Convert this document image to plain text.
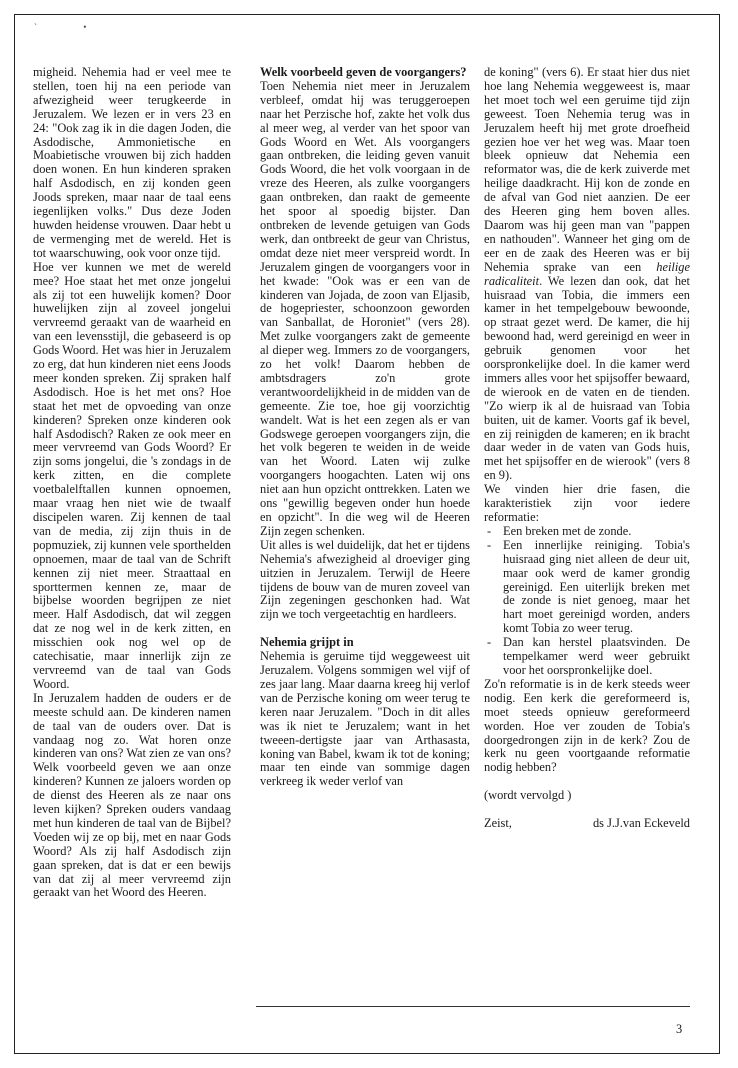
` •

migheid. Nehemia had er veel mee te stellen, toen hij na een periode van afwezigheid weer terugkeerde in Jeruzalem. We lezen er in vers 23 en 24: "Ook zag ik in die dagen Joden, die Asdodische, Ammonietische en Moabietische vrouwen bij zich hadden doen wonen. En hun kinderen spraken half Asdodisch, en zij konden geen Joods spreken, maar naar de taal eens iegenlijken volks." Dus deze Joden huwden heidense vrouwen. Daar hebt u de vermenging met de wereld. Het is tot waarschuwing, ook voor onze tijd.

Hoe ver kunnen we met de wereld mee? Hoe staat het met onze jongelui als zij tot een huwelijk komen? Door huwelijken zijn al zoveel jongelui vervreemd geraakt van de waarheid en van een levensstijl, die gebaseerd is op Gods Woord. Het was hier in Jeruzalem zo erg, dat hun kinderen niet eens Joods meer konden spreken. Zij spraken half Asdodisch. Hoe is het met ons? Hoe staat het met de opvoeding van onze kinderen? Spreken onze kinderen ook half Asdodisch? Raken ze ook meer en meer vervreemd van Gods Woord? Er zijn soms jongelui, die 's zondags in de kerk zitten, en die complete voetbalelftallen kunnen opnoemen, maar vraag hen niet wie de twaalf discipelen waren. Zij kennen de taal van de media, zij zijn thuis in de popmuziek, zij kunnen vele sporthelden opnoemen, maar de taal van de Schrift kennen zij niet meer. Straattaal en sporttermen kennen ze, maar de bijbelse woorden begrijpen ze niet meer. Half Asdodisch, dat wil zeggen dat ze nog wel in de kerk zitten, en misschien ook nog wel op de catechisatie, maar innerlijk zijn ze vervreemd van de taal van Gods Woord.

In Jeruzalem hadden de ouders er de meeste schuld aan. De kinderen namen de taal van de ouders over. Dat is vandaag nog zo. Wat horen onze kinderen van ons? Wat zien ze van ons? Welk voorbeeld geven we aan onze kinderen? Kunnen ze jaloers worden op de dienst des Heeren als ze naar ons leven kijken? Spreken ouders vandaag met hun kinderen de taal van de Bijbel? Voeden wij ze op bij, met en naar Gods Woord? Als zij half Asdodisch zijn gaan spreken, dat is dat er een bewijs van dat zij al meer vervreemd zijn geraakt van het Woord des Heeren.

Welk voorbeeld geven de voorgangers?

Toen Nehemia niet meer in Jeruzalem verbleef, omdat hij was teruggeroepen naar het Perzische hof, zakte het volk dus al meer weg, al verder van het spoor van Gods Woord en Wet. Als voorgangers gaan ontbreken, die leiding geven vanuit Gods Woord, die het volk voorgaan in de vreze des Heeren, als zulke voorgangers gaan ontbreken, dan raakt de gemeente het spoor al spoedig bijster. Dan ontbreken de levende getuigen van Gods werk, dan ontbreekt de geur van Christus, omdat deze niet meer verspreid wordt. In Jeruzalem gingen de voorgangers voor in het kwade: "Ook was er een van de kinderen van Jojada, de zoon van Eljasib, de hogepriester, schoonzoon geworden van Sanballat, de Horoniet" (vers 28). Met zulke voorgangers zakt de gemeente al dieper weg. Immers zo de voorgangers, zo het volk! Daarom hebben de ambtsdragers zo'n grote verantwoordelijkheid in de midden van de gemeente. Zie toe, hoe gij voorzichtig wandelt. Wat is het een zegen als er van Godswege geroepen voorgangers zijn, die het volk begeren te weiden in de weide van het Woord. Laten wij zulke voorgangers hoogachten. Laten wij ons niet aan hun opzicht onttrekken. Laten we ons "gewillig begeven onder hun hoede en opzicht". In die weg wil de Heeren Zijn zegen schenken.

Uit alles is wel duidelijk, dat het er tijdens Nehemia's afwezigheid al droeviger ging uitzien in Jeruzalem. Terwijl de Heere tijdens de bouw van de muren zoveel van Zijn zegeningen geschonken had. Wat zijn we toch vergeetachtig en hardleers.

Nehemia grijpt in

Nehemia is geruime tijd weggeweest uit Jeruzalem. Volgens sommigen wel vijf of zes jaar lang. Maar daarna kreeg hij verlof van de Perzische koning om weer terug te keren naar Jeruzalem. "Doch in dit alles was ik niet te Jeruzalem; want in het tweeen-dertigste jaar van Arthasasta, koning van Babel, kwam ik tot de koning; maar ten einde van sommige dagen verkreeg ik weder verlof van

de koning" (vers 6). Er staat hier dus niet hoe lang Nehemia weggeweest is, maar het moet toch wel een geruime tijd zijn geweest. Toen Nehemia terug was in Jeruzalem heeft hij met grote droefheid gezien hoe ver het weg was. Maar toen bleek opnieuw dat Nehemia een reformator was, die de kerk zuiverde met heilige daadkracht. Hij kon de zonde en de afval van God niet aanzien. De eer des Heeren ging hem boven alles. Daarom was hij geen man van "pappen en nathouden". Wanneer het ging om de eer en de zaak des Heeren was er bij Nehemia sprake van een heilige radicaliteit. We lezen dan ook, dat het huisraad van Tobia, die immers een kamer in het tempelgebouw bewoonde, op straat gezet werd. De kamer, die hij bewoond had, werd gereinigd en weer in gebruik genomen voor het oorspronkelijke doel. In die kamer werd immers alles voor het spijsoffer bewaard, de wierook en de vaten en de tienden. "Zo wierp ik al de huisraad van Tobia buiten, uit de kamer. Voorts gaf ik bevel, en zij reinigden de kameren; en ik bracht daar weder in de vaten van Gods huis, met het spijsoffer en de wierook" (vers 8 en 9).

We vinden hier drie fasen, die karakteristiek zijn voor iedere reformatie:

- Een breken met de zonde.
- Een innerlijke reiniging. Tobia's huisraad ging niet alleen de deur uit, maar ook werd de kamer grondig gereinigd. Een uiterlijk breken met de zonde is niet genoeg, maar het hart moet gereinigd worden, anders komt Tobia zo weer terug.
- Dan kan herstel plaatsvinden. De tempelkamer werd weer gebruikt voor het oorspronkelijke doel.

Zo'n reformatie is in de kerk steeds weer nodig. Een kerk die gereformeerd is, moet steeds opnieuw gereformeerd worden. Hoe ver zouden de Tobia's doorgedrongen zijn in de kerk? Zou de kerk nu geen voortgaande reformatie nodig hebben?

(wordt vervolgd )

Zeist,	ds J.J.van Eckeveld
3
